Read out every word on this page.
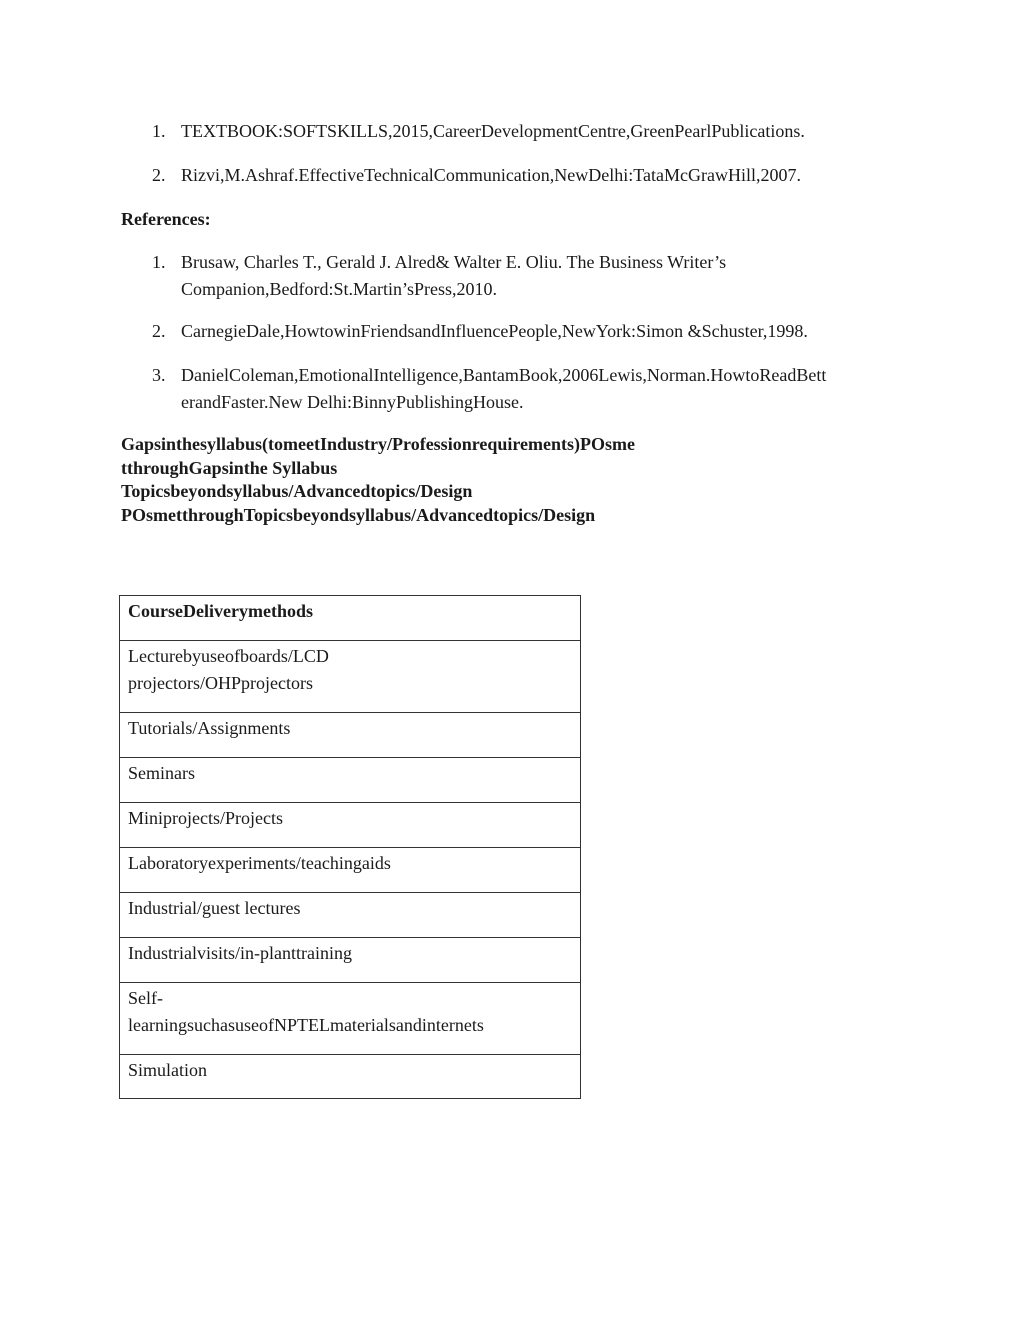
1. TEXTBOOK:SOFTSKILLS,2015,CareerDevelopmentCentre,GreenPearlPublications.
2. Rizvi,M.Ashraf.EffectiveTechnicalCommunication,NewDelhi:TataMcGrawHill,2007.
References:
1. Brusaw, Charles T., Gerald J. Alred& Walter E. Oliu. The Business Writer’s
Companion,Bedford:St.Martin’sPress,2010.
2. CarnegieDale,HowtowinFriendsandInfluencePeople,NewYork:Simon &Schuster,1998.
3. DanielColeman,EmotionalIntelligence,BantamBook,2006Lewis,Norman.HowtoReadBett
erandFaster.New Delhi:BinnyPublishingHouse.
Gapsinthesyllabus(tomeetIndustry/Professionrequirements)POsme
tthroughGapsinthe Syllabus
Topicsbeyondsyllabus/Advancedtopics/Design
POsmetthroughTopicsbeyondsyllabus/Advancedtopics/Design
CourseDeliverymethods

Lecturebyuseofboards/LCD
projectors/OHPprojectors

Tutorials/Assignments

Seminars

Miniprojects/Projects

Laboratoryexperiments/teachingaids

Industrial/guest lectures

Industrialvisits/in-planttraining

Self-
learningsuchasuseofNPTELmaterialsandinternets

Simulation
